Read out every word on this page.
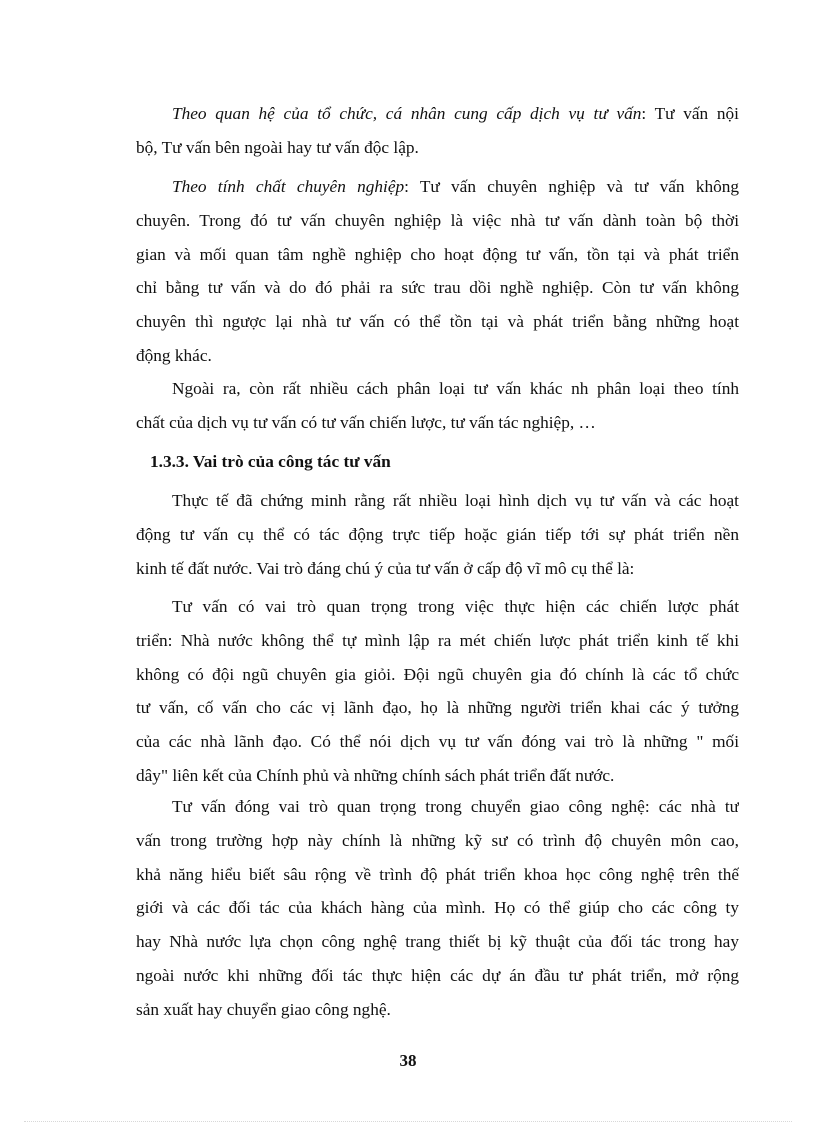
Theo quan hệ của tổ chức, cá nhân cung cấp dịch vụ tư vấn: Tư vấn nội
bộ, Tư vấn bên ngoài hay tư vấn độc lập.
Theo tính chất chuyên nghiệp: Tư vấn chuyên nghiệp và tư vấn không
chuyên. Trong đó tư vấn chuyên nghiệp là việc nhà tư vấn dành toàn bộ thời
gian và mối quan tâm nghề nghiệp cho hoạt động tư vấn, tồn tại và phát triển
chỉ bằng tư vấn và do đó phải ra sức trau dồi nghề nghiệp. Còn tư vấn không
chuyên thì ngược lại nhà tư vấn có thể tồn tại và phát triển bằng những hoạt
động khác.
Ngoài ra, còn rất nhiều cách phân loại tư vấn khác nh phân loại theo tính
chất của dịch vụ tư vấn có tư vấn chiến lược, tư vấn tác nghiệp, …
1.3.3. Vai trò của công tác tư vấn
Thực tế đã chứng minh rằng rất nhiều loại hình dịch vụ tư vấn và các hoạt
động tư vấn cụ thể có tác động trực tiếp hoặc gián tiếp tới sự phát triển nền
kinh tế đất nước. Vai trò đáng chú ý của tư vấn ở cấp độ vĩ mô cụ thể là:
Tư vấn có vai trò quan trọng trong việc thực hiện các chiến lược phát
triển: Nhà nước không thể tự mình lập ra mét chiến lược phát triển kinh tế khi
không có đội ngũ chuyên gia giỏi. Đội ngũ chuyên gia đó chính là các tổ chức
tư vấn, cố vấn cho các vị lãnh đạo, họ là những người triển khai các ý tưởng
của các nhà lãnh đạo. Có thể nói dịch vụ tư vấn đóng vai trò là những " mối
dây" liên kết của Chính phủ và những chính sách phát triển đất nước.
Tư vấn đóng vai trò quan trọng trong chuyển giao công nghệ: các nhà tư
vấn trong trường hợp này chính là những kỹ sư có trình độ chuyên môn cao,
khả năng hiểu biết sâu rộng về trình độ phát triển khoa học công nghệ trên thế
giới và các đối tác của khách hàng của mình. Họ có thể giúp cho các công ty
hay Nhà nước lựa chọn công nghệ trang thiết bị kỹ thuật của đối tác trong hay
ngoài nước khi những đối tác thực hiện các dự án đầu tư phát triển, mở rộng
sản xuất hay chuyển giao công nghệ.
38
